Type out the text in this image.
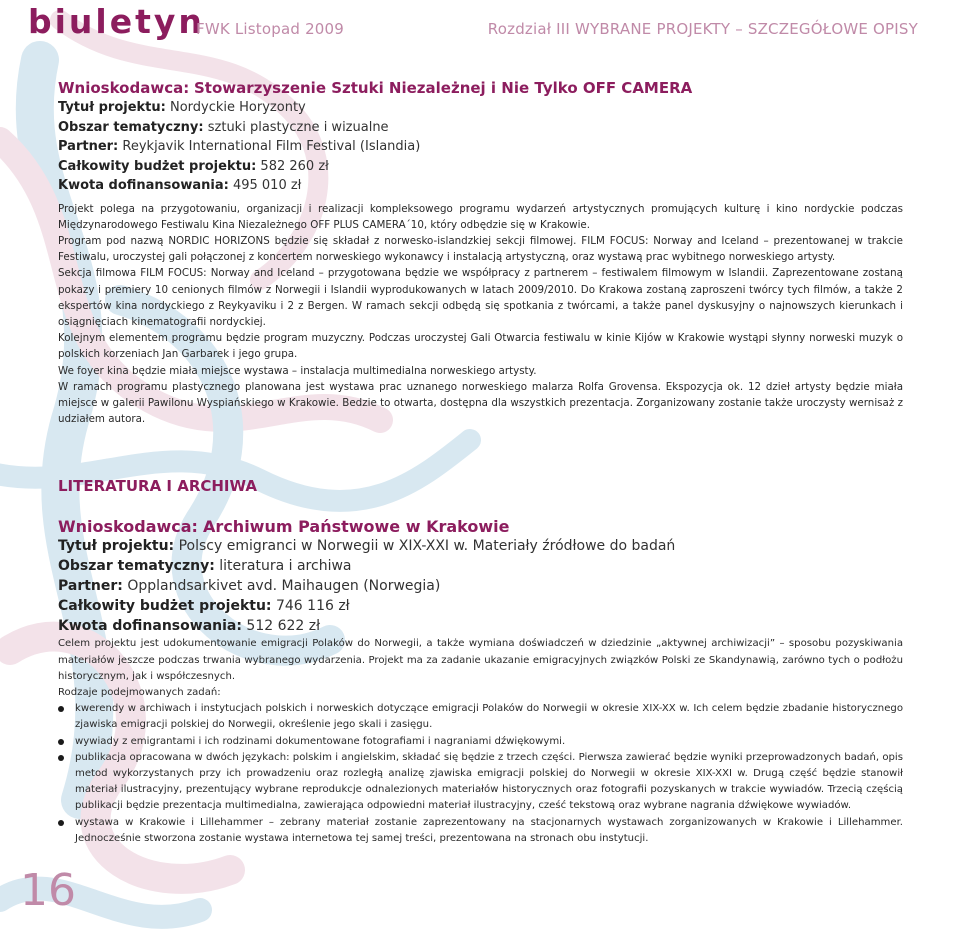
biuletyn
FWK Listopad 2009	Rozdział III WYBRANE PROJEKTY – SZCZEGÓŁOWE OPISY
Wnioskodawca: Stowarzyszenie Sztuki Niezależnej i Nie Tylko OFF CAMERA
Tytuł projektu: Nordyckie Horyzonty
Obszar tematyczny: sztuki plastyczne i wizualne
Partner: Reykjavik International Film Festival (Islandia)
Całkowity budżet projektu: 582 260 zł
Kwota dofinansowania: 495 010 zł

Projekt polega na przygotowaniu, organizacji i realizacji kompleksowego programu wydarzeń artystycznych promujących kulturę i kino nordyckie podczas Międzynarodowego Festiwalu Kina Niezależnego OFF PLUS CAMERA´10, który odbędzie się w Krakowie.

Program pod nazwą NORDIC HORIZONS będzie się składał z norwesko-islandzkiej sekcji filmowej. FILM FOCUS: Norway and Iceland – prezentowanej w trakcie Festiwalu, uroczystej gali połączonej z koncertem norweskiego wykonawcy i instalacją artystyczną, oraz wystawą prac wybitnego norweskiego artysty.

Sekcja filmowa FILM FOCUS: Norway and Iceland – przygotowana będzie we współpracy z partnerem – festiwalem filmowym w Islandii. Zaprezentowane zostaną pokazy i premiery 10 cenionych filmów z Norwegii i Islandii wyprodukowanych w latach 2009/2010. Do Krakowa zostaną zaproszeni twórcy tych filmów, a także 2 ekspertów kina nordyckiego z Reykyaviku i 2 z Bergen. W ramach sekcji odbędą się spotkania z twórcami, a także panel dyskusyjny o najnowszych kierunkach i osiągnięciach kinematografii nordyckiej.

Kolejnym elementem programu będzie program muzyczny. Podczas uroczystej Gali Otwarcia festiwalu w kinie Kijów w Krakowie wystąpi słynny norweski muzyk o polskich korzeniach Jan Garbarek i jego grupa.

We foyer kina będzie miała miejsce wystawa – instalacja multimedialna norweskiego artysty.

W ramach programu plastycznego planowana jest wystawa prac uznanego norweskiego malarza Rolfa Grovensa. Ekspozycja ok. 12 dzieł artysty będzie miała miejsce w galerii Pawilonu Wyspiańskiego w Krakowie. Bedzie to otwarta, dostępna dla wszystkich prezentacja. Zorganizowany zostanie także uroczysty wernisaż z udziałem autora.

LITERATURA I ARCHIWA
Wnioskodawca: Archiwum Państwowe w Krakowie
Tytuł projektu: Polscy emigranci w Norwegii w XIX-XXI w. Materiały źródłowe do badań
Obszar tematyczny: literatura i archiwa
Partner: Opplandsarkivet avd. Maihaugen (Norwegia)
Całkowity budżet projektu: 746 116 zł
Kwota dofinansowania: 512 622 zł

Celem projektu jest udokumentowanie emigracji Polaków do Norwegii, a także wymiana doświadczeń w dziedzinie „aktywnej archiwizacji” – sposobu pozyskiwania materiałów jeszcze podczas trwania wybranego wydarzenia. Projekt ma za zadanie ukazanie emigracyjnych związków Polski ze Skandynawią, zarówno tych o podłożu historycznym, jak i współczesnych.

Rodzaje podejmowanych zadań:

kwerendy w archiwach i instytucjach polskich i norweskich dotyczące emigracji Polaków do Norwegii w okresie XIX-XX w. Ich celem będzie zbadanie historycznego zjawiska emigracji polskiej do Norwegii, określenie jego skali i zasięgu.
wywiady z emigrantami i ich rodzinami dokumentowane fotografiami i nagraniami dźwiękowymi.
publikacja opracowana w dwóch językach: polskim i angielskim, składać się będzie z trzech części. Pierwsza zawierać będzie wyniki przeprowadzonych badań, opis metod wykorzystanych przy ich prowadzeniu oraz rozległą analizę zjawiska emigracji polskiej do Norwegii w okresie XIX-XXI w. Drugą część będzie stanowił materiał ilustracyjny, prezentujący wybrane reprodukcje odnalezionych materiałów historycznych oraz fotografii pozyskanych w trakcie wywiadów. Trzecią częścią publikacji będzie prezentacja multimedialna, zawierająca odpowiedni materiał ilustracyjny, cześć tekstową oraz wybrane nagrania dźwiękowe wywiadów.
wystawa w Krakowie i Lillehammer – zebrany materiał zostanie zaprezentowany na stacjonarnych wystawach zorganizowanych w Krakowie i Lillehammer. Jednocześnie stworzona zostanie wystawa internetowa tej samej treści, prezentowana na stronach obu instytucji.
16
